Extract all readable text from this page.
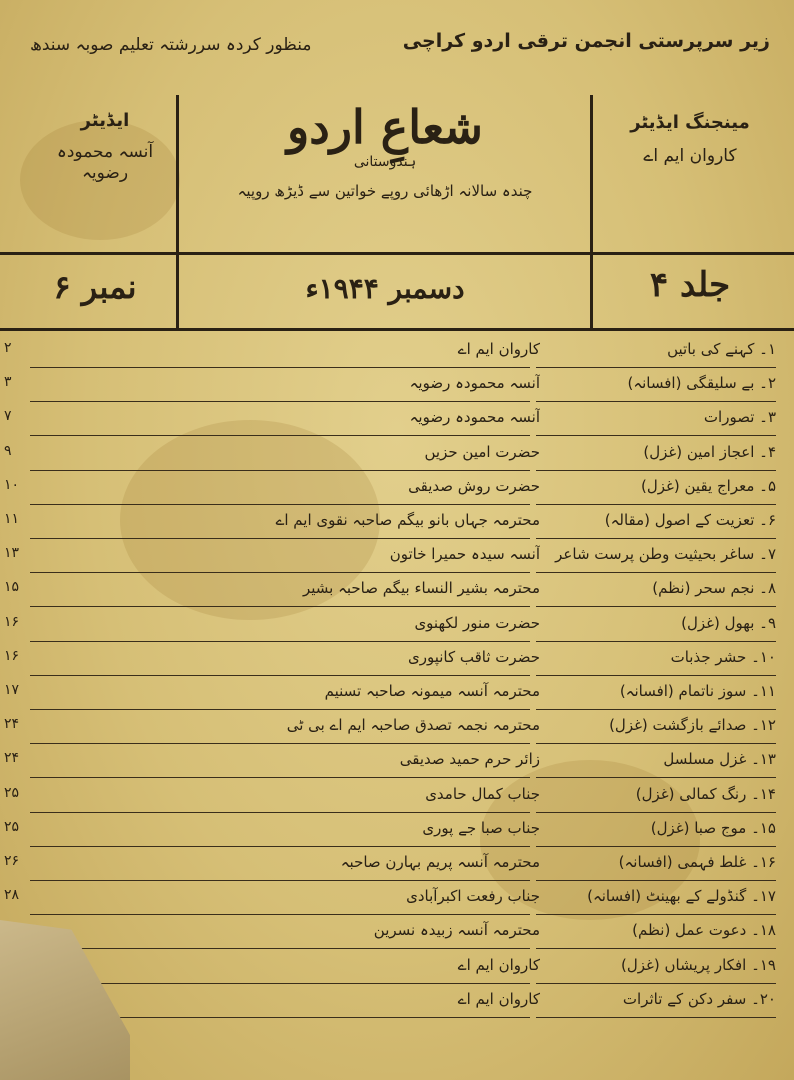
زیر سرپرستی انجمن ترقی اردو کراچی
منظور کردہ سررشتہ تعلیم صوبہ سندھ
ایڈیٹر
آنسہ محمودہ رضویہ
شعاعِ اردو
ہندوستانی
چندہ سالانہ اڑھائی روپے خواتین سے ڈیڑھ روپیہ
مینجنگ ایڈیٹر
کاروان ایم اے
جلد ۴
دسمبر ۱۹۴۴ء
نمبر ۶
۱۔ کہنے کی باتیں
کاروان ایم اے
۲
۲۔ بے سلیقگی (افسانہ)
آنسہ محمودہ رضویہ
۳
۳۔ تصورات
آنسہ محمودہ رضویہ
۷
۴۔ اعجاز امین (غزل)
حضرت امین حزیں
۹
۵۔ معراج یقین (غزل)
حضرت روش صدیقی
۱۰
۶۔ تعزیت کے اصول (مقالہ)
محترمہ جہاں بانو بیگم صاحبہ نقوی ایم اے
۱۱
۷۔ ساغر بحیثیت وطن پرست شاعر
آنسہ سیدہ حمیرا خاتون
۱۳
۸۔ نجم سحر (نظم)
محترمہ بشیر النساء بیگم صاحبہ بشیر
۱۵
۹۔ بھول (غزل)
حضرت منور لکھنوی
۱۶
۱۰۔ حشر جذبات
حضرت ثاقب کانپوری
۱۶
۱۱۔ سوز ناتمام (افسانہ)
محترمہ آنسہ میمونہ صاحبہ تسنیم
۱۷
۱۲۔ صدائے بازگشت (غزل)
محترمہ نجمہ تصدق صاحبہ ایم اے بی ٹی
۲۴
۱۳۔ غزل مسلسل
زائر حرم حمید صدیقی
۲۴
۱۴۔ رنگ کمالی (غزل)
جناب کمال حامدی
۲۵
۱۵۔ موج صبا (غزل)
جناب صبا جے پوری
۲۵
۱۶۔ غلط فہمی (افسانہ)
محترمہ آنسہ پریم بہارن صاحبہ
۲۶
۱۷۔ گنڈولے کے بھینٹ (افسانہ)
جناب رفعت اکبرآبادی
۲۸
۱۸۔ دعوت عمل (نظم)
محترمہ آنسہ زبیدہ نسرین
۱۹۔ افکار پریشاں (غزل)
کاروان ایم اے
۲۰۔ سفر دکن کے تاثرات
کاروان ایم اے
